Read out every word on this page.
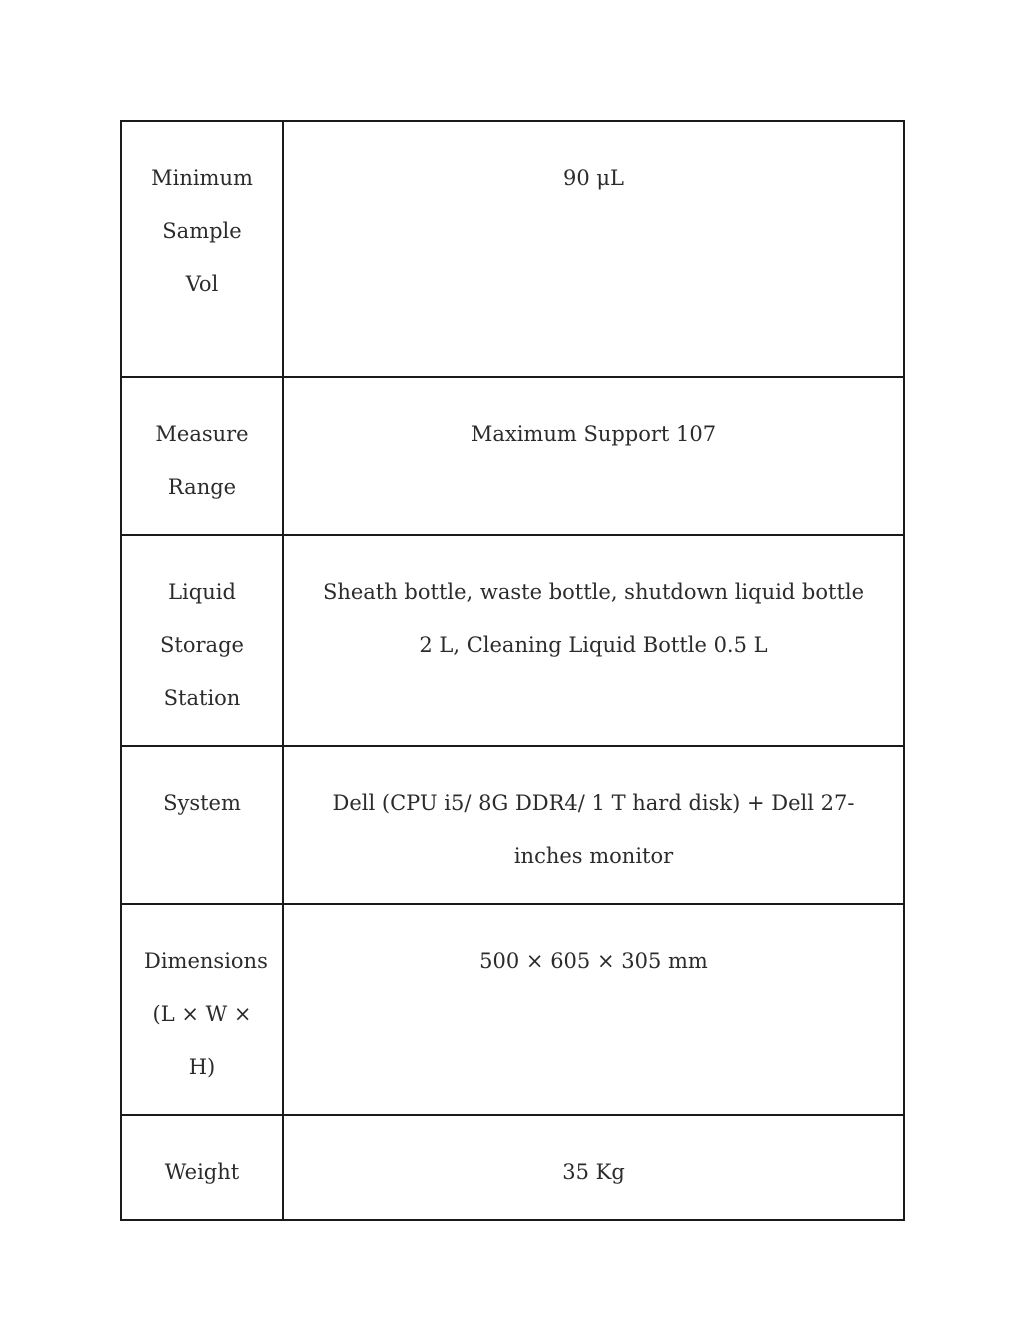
Minimum Sample Vol	90 μL

Measure Range	Maximum Support 107

Liquid Storage Station	Sheath bottle, waste bottle, shutdown liquid bottle 2 L, Cleaning Liquid Bottle 0.5 L

System	Dell (CPU i5/ 8G DDR4/ 1 T hard disk) + Dell 27-inches monitor

Dimensions (L × W × H)	500 × 605 × 305 mm

Weight	35 Kg
